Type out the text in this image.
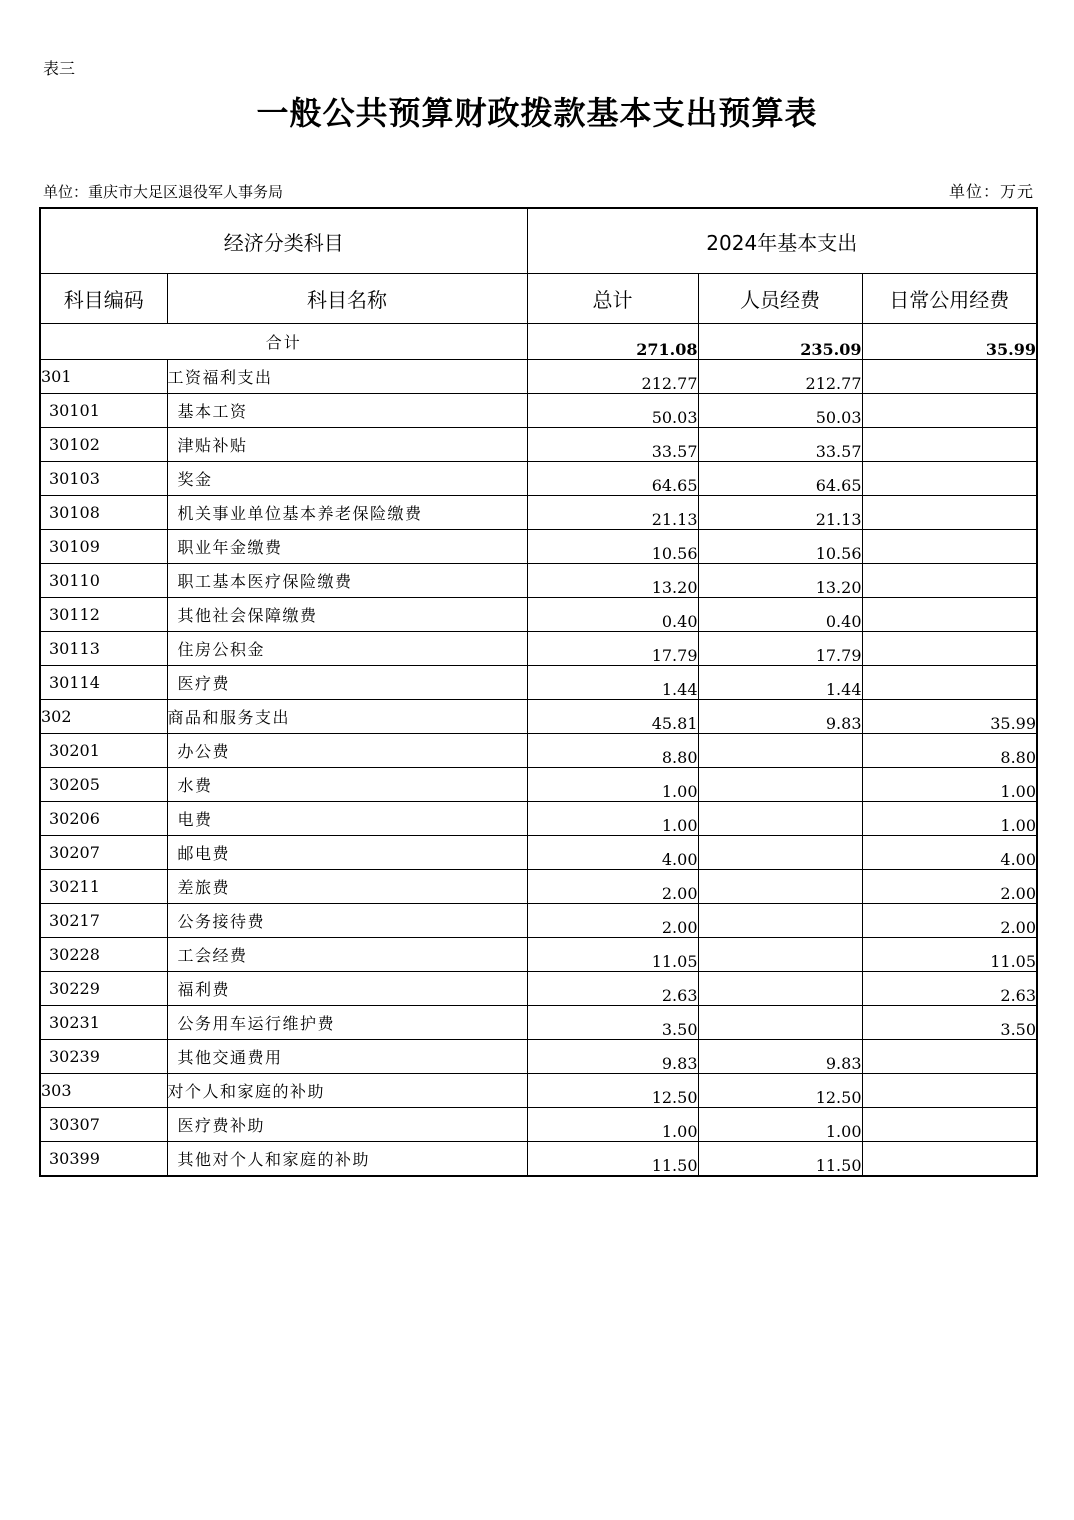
表三
一般公共预算财政拨款基本支出预算表
单位：重庆市大足区退役军人事务局	单位：万元
经济分类科目		2024年基本支出		
科目编码	科目名称	总计	人员经费	日常公用经费
合计		271.08	235.09	35.99
301	工资福利支出	212.77	212.77	
30101	基本工资	50.03	50.03	
30102	津贴补贴	33.57	33.57	
30103	奖金	64.65	64.65	
30108	机关事业单位基本养老保险缴费	21.13	21.13	
30109	职业年金缴费	10.56	10.56	
30110	职工基本医疗保险缴费	13.20	13.20	
30112	其他社会保障缴费	0.40	0.40	
30113	住房公积金	17.79	17.79	
30114	医疗费	1.44	1.44	
302	商品和服务支出	45.81	9.83	35.99
30201	办公费	8.80		8.80
30205	水费	1.00		1.00
30206	电费	1.00		1.00
30207	邮电费	4.00		4.00
30211	差旅费	2.00		2.00
30217	公务接待费	2.00		2.00
30228	工会经费	11.05		11.05
30229	福利费	2.63		2.63
30231	公务用车运行维护费	3.50		3.50
30239	其他交通费用	9.83	9.83	
303	对个人和家庭的补助	12.50	12.50	
30307	医疗费补助	1.00	1.00	
30399	其他对个人和家庭的补助	11.50	11.50	
